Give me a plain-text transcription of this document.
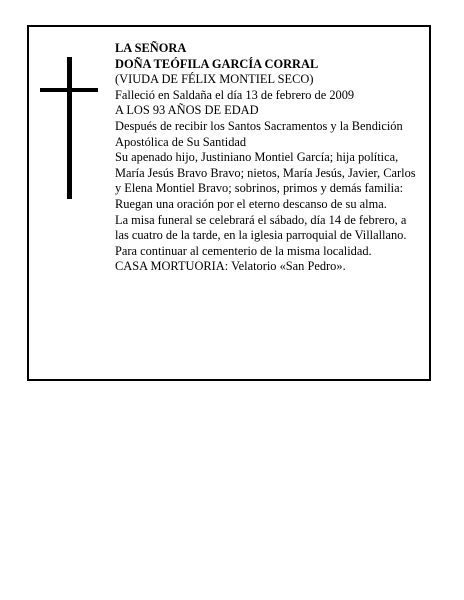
LA SEÑORA

DOÑA TEÓFILA GARCÍA CORRAL

(VIUDA DE FÉLIX MONTIEL SECO)

Falleció en Saldaña el día 13 de febrero de 2009

A LOS 93 AÑOS DE EDAD

Después de recibir los Santos Sacramentos y la Bendición Apostólica de Su Santidad

Su apenado hijo, Justiniano Montiel García; hija política, María Jesús Bravo Bravo; nietos, María Jesús, Javier, Carlos y Elena Montiel Bravo; sobrinos, primos y demás familia:

Ruegan una oración por el eterno descanso de su alma.

La misa funeral se celebrará el sábado, día 14 de febrero, a las cuatro de la tarde, en la iglesia parroquial de Villallano. Para continuar al cementerio de la misma localidad.

CASA MORTUORIA: Velatorio «San Pedro».
